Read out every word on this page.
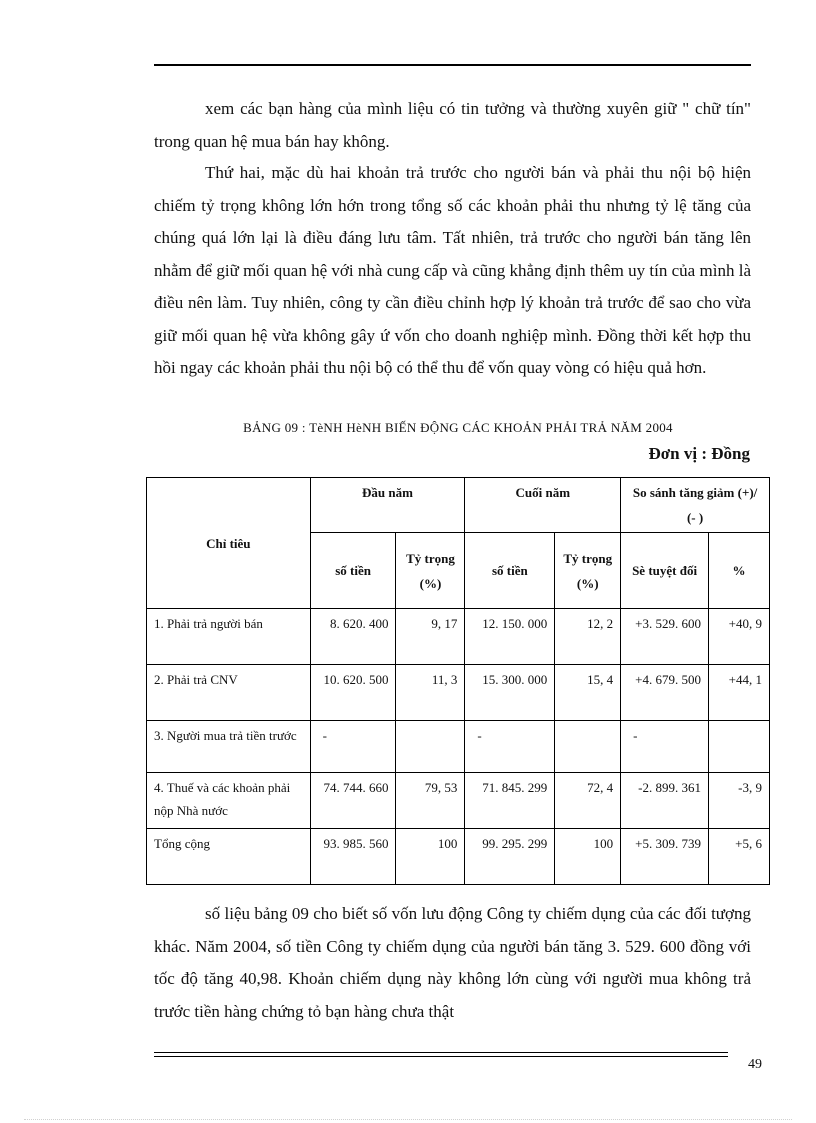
xem các bạn hàng của mình liệu có tin tưởng và thường xuyên giữ " chữ tín" trong quan hệ mua bán hay không.

Thứ hai, mặc dù hai khoản trả trước cho người bán và phải thu nội bộ hiện chiếm tỷ trọng không lớn hớn trong tổng số các khoản phải thu nhưng tỷ lệ tăng của chúng quá lớn lại là điều đáng lưu tâm. Tất nhiên, trả trước cho người bán tăng lên nhằm để giữ mối quan hệ với nhà cung cấp và cũng khẳng định thêm uy tín của mình là điều nên làm. Tuy nhiên, công ty cần điều chỉnh hợp lý khoản trả trước để sao cho vừa giữ mối quan hệ vừa không gây ứ vốn cho doanh nghiệp mình. Đồng thời kết hợp thu hồi ngay các khoản phải thu nội bộ có thể thu để vốn quay vòng có hiệu quả hơn.

BẢNG 09 : TèNH HèNH BIẾN ĐỘNG CÁC KHOẢN PHẢI TRẢ NĂM 2004
Đơn vị : Đồng
Chỉ tiêu	Đầu năm		Cuối năm		So sánh tăng giảm (+)/ (- )	
	số tiền	Tỷ trọng (%)	số tiền	Tỷ trọng (%)	Sè tuyệt đối	%
1. Phải trả người bán	8. 620. 400	9, 17	12. 150. 000	12, 2	+3. 529. 600	+40, 9
2. Phải trả CNV	10. 620. 500	11, 3	15. 300. 000	15, 4	+4. 679. 500	+44, 1
3. Người mua trả tiền trước	-		-		-	
4. Thuế và các khoản phải nộp Nhà nước	74. 744. 660	79, 53	71. 845. 299	72, 4	-2. 899. 361	-3, 9
Tổng cộng	93. 985. 560	100	99. 295. 299	100	+5. 309. 739	+5, 6

số liệu bảng 09 cho biết số vốn lưu động Công ty chiếm dụng của các đối tượng khác. Năm 2004, số tiền Công ty chiếm dụng của người bán tăng 3. 529. 600 đồng với tốc độ tăng 40,98. Khoản chiếm dụng này không lớn cùng với người mua không trả trước tiền hàng chứng tỏ bạn hàng chưa thật

49
